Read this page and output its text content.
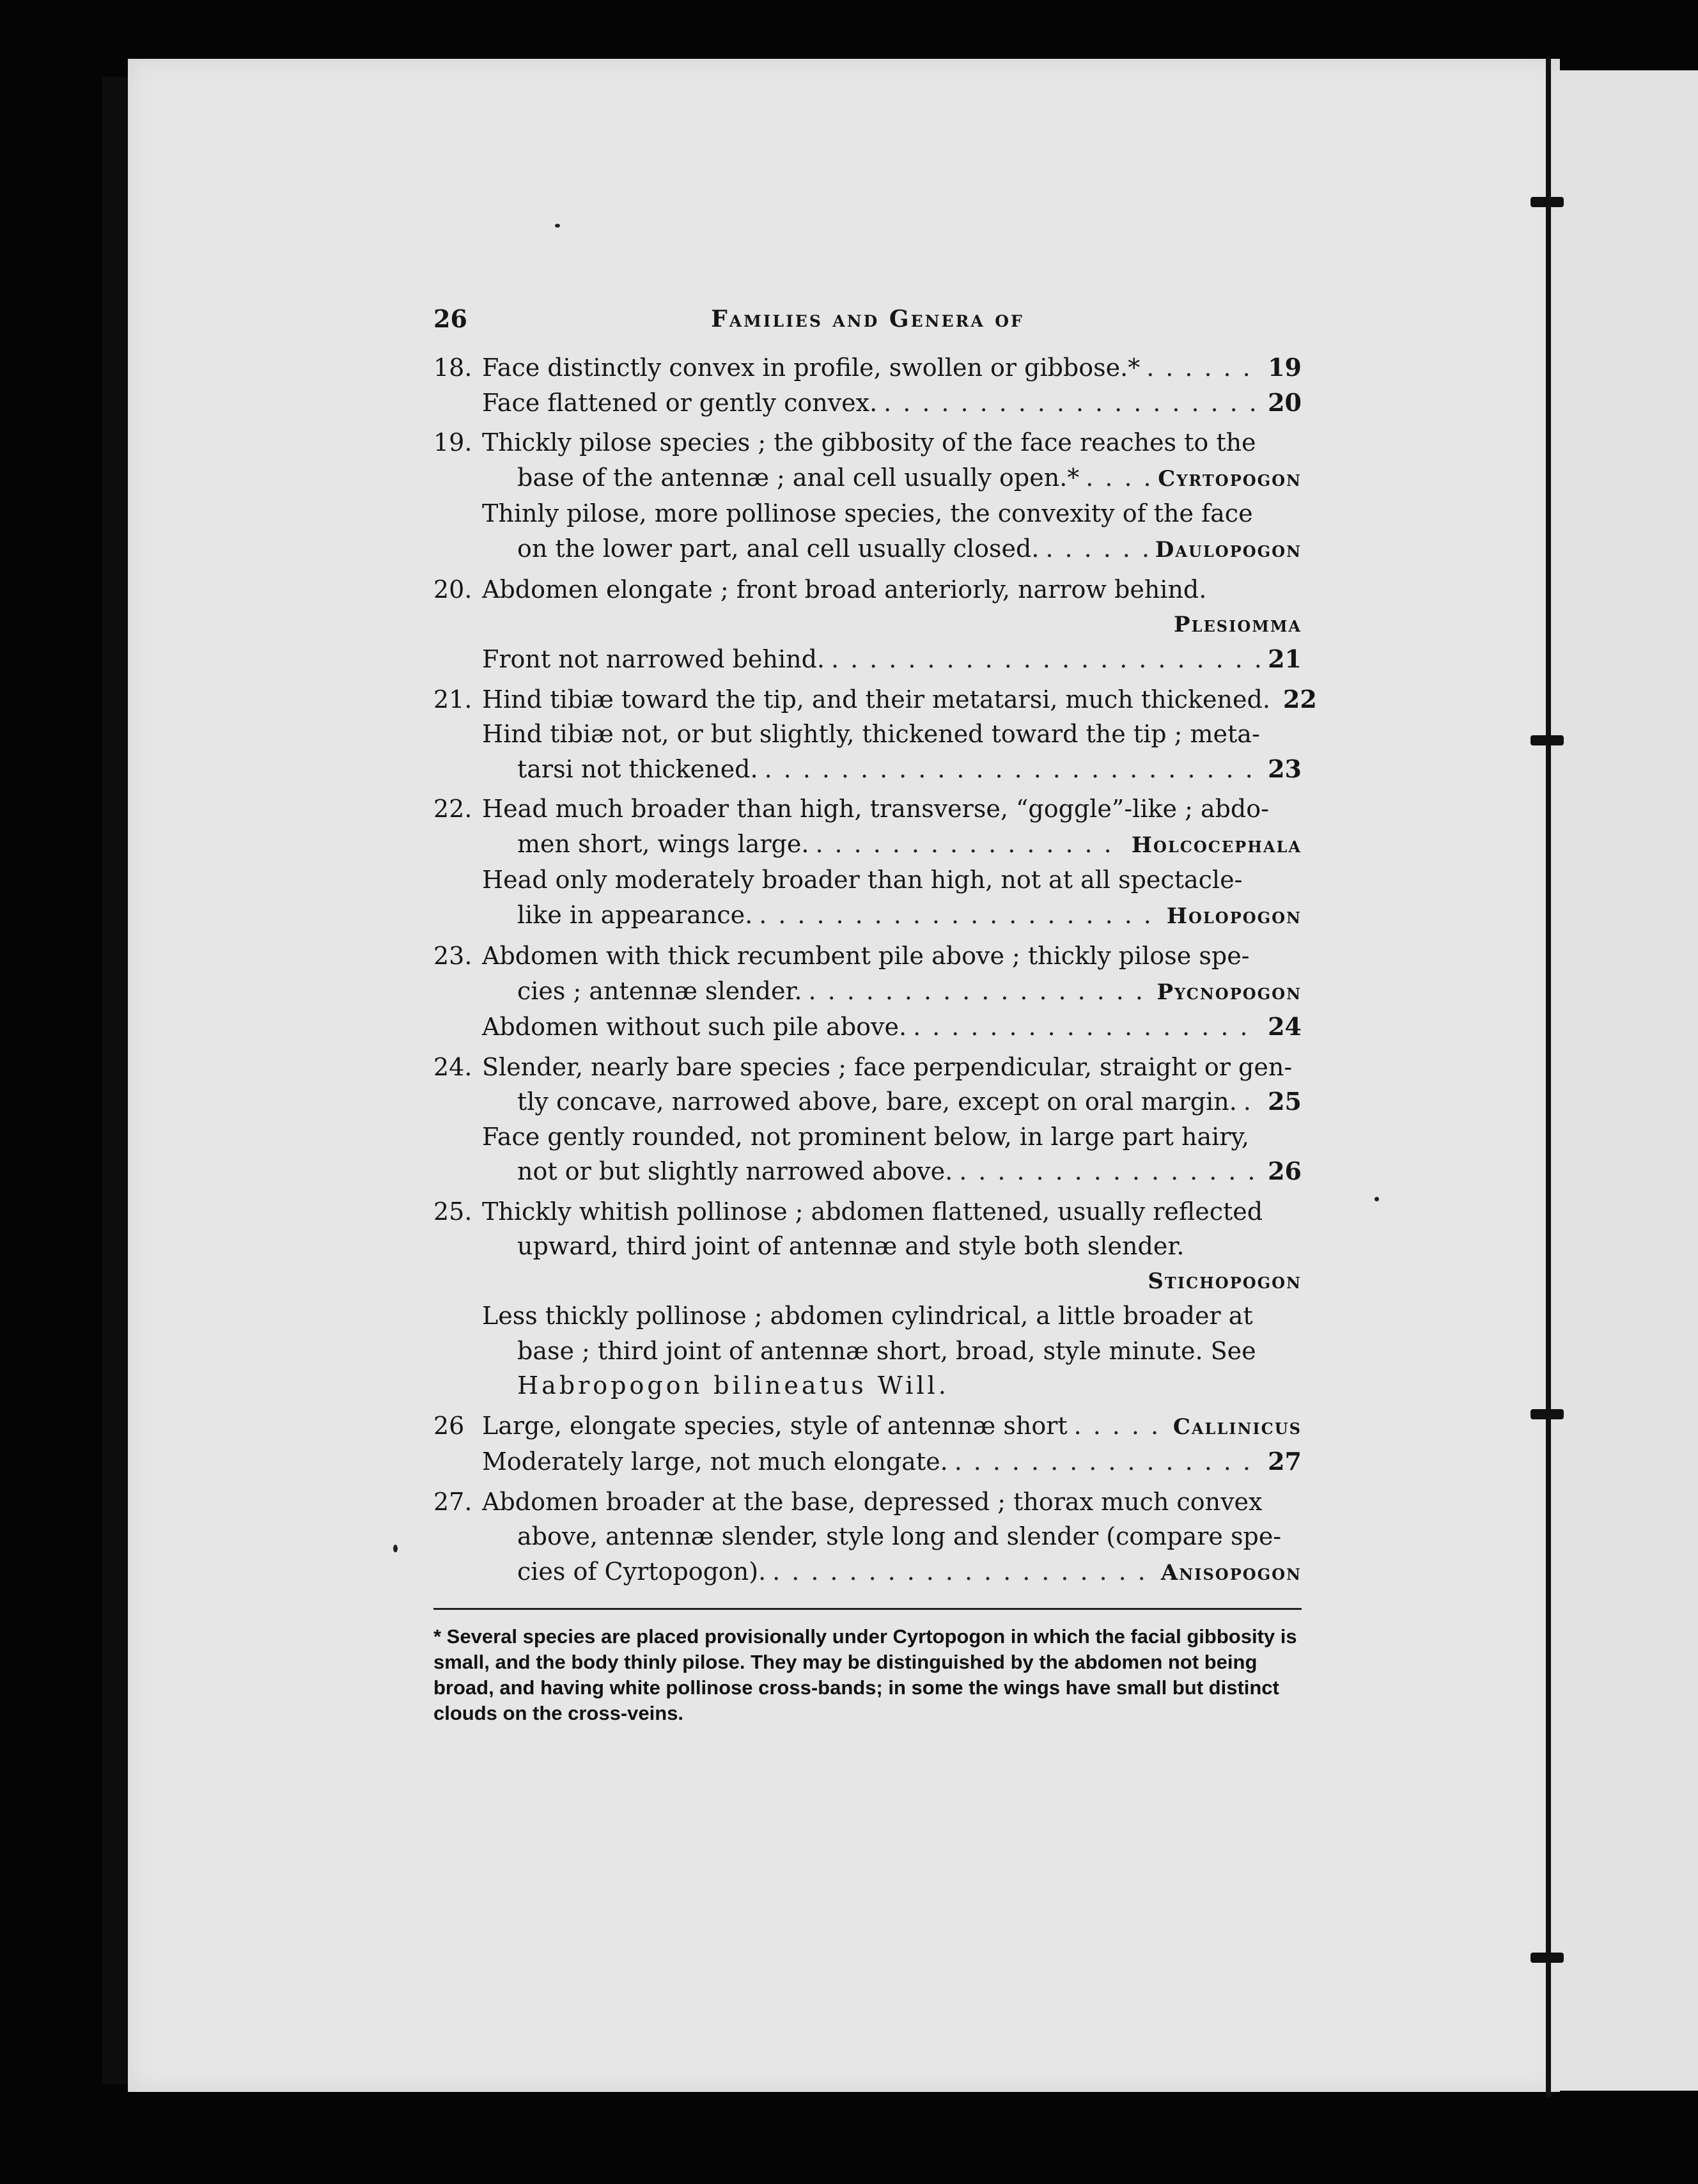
26	Families and Genera of
18. Face distinctly convex in profile, swollen or gibbose.* .....	19
Face flattened or gently convex. .....	20
19. Thickly pilose species ; the gibbosity of the face reaches to the
base of the antennæ ; anal cell usually open.* .....	Cyrtopogon
Thinly pilose, more pollinose species, the convexity of the face
on the lower part, anal cell usually closed. .....	Daulopogon
20. Abdomen elongate ; front broad anteriorly, narrow behind.
Plesiomma
Front not narrowed behind. .....	21
21. Hind tibiæ toward the tip, and their metatarsi, much thickened. 22
Hind tibiæ not, or but slightly, thickened toward the tip ; meta-
tarsi not thickened. .....	23
22. Head much broader than high, transverse, “goggle”-like ; abdo-
men short, wings large. .....	Holcocephala
Head only moderately broader than high, not at all spectacle-
like in appearance. .....	Holopogon
23. Abdomen with thick recumbent pile above ; thickly pilose spe-
cies ; antennæ slender. .....	Pycnopogon
Abdomen without such pile above. .....	24
24. Slender, nearly bare species ; face perpendicular, straight or gen-
tly concave, narrowed above, bare, except on oral margin. ..... 25
Face gently rounded, not prominent below, in large part hairy,
not or but slightly narrowed above. .....	26
25. Thickly whitish pollinose ; abdomen flattened, usually reflected
upward, third joint of antennæ and style both slender.
Stichopogon
Less thickly pollinose ; abdomen cylindrical, a little broader at
base ; third joint of antennæ short, broad, style minute. See
Habropogon bilineatus Will.
26 Large, elongate species, style of antennæ short .....	Callinicus
Moderately large, not much elongate. .....	27
27. Abdomen broader at the base, depressed ; thorax much convex
above, antennæ slender, style long and slender (compare spe-
cies of Cyrtopogon). .....	Anisopogon
* Several species are placed provisionally under Cyrtopogon in which the facial gibbosity is small, and the body thinly pilose. They may be distinguished by the abdomen not being broad, and having white pollinose cross-bands; in some the wings have small but distinct clouds on the cross-veins.
